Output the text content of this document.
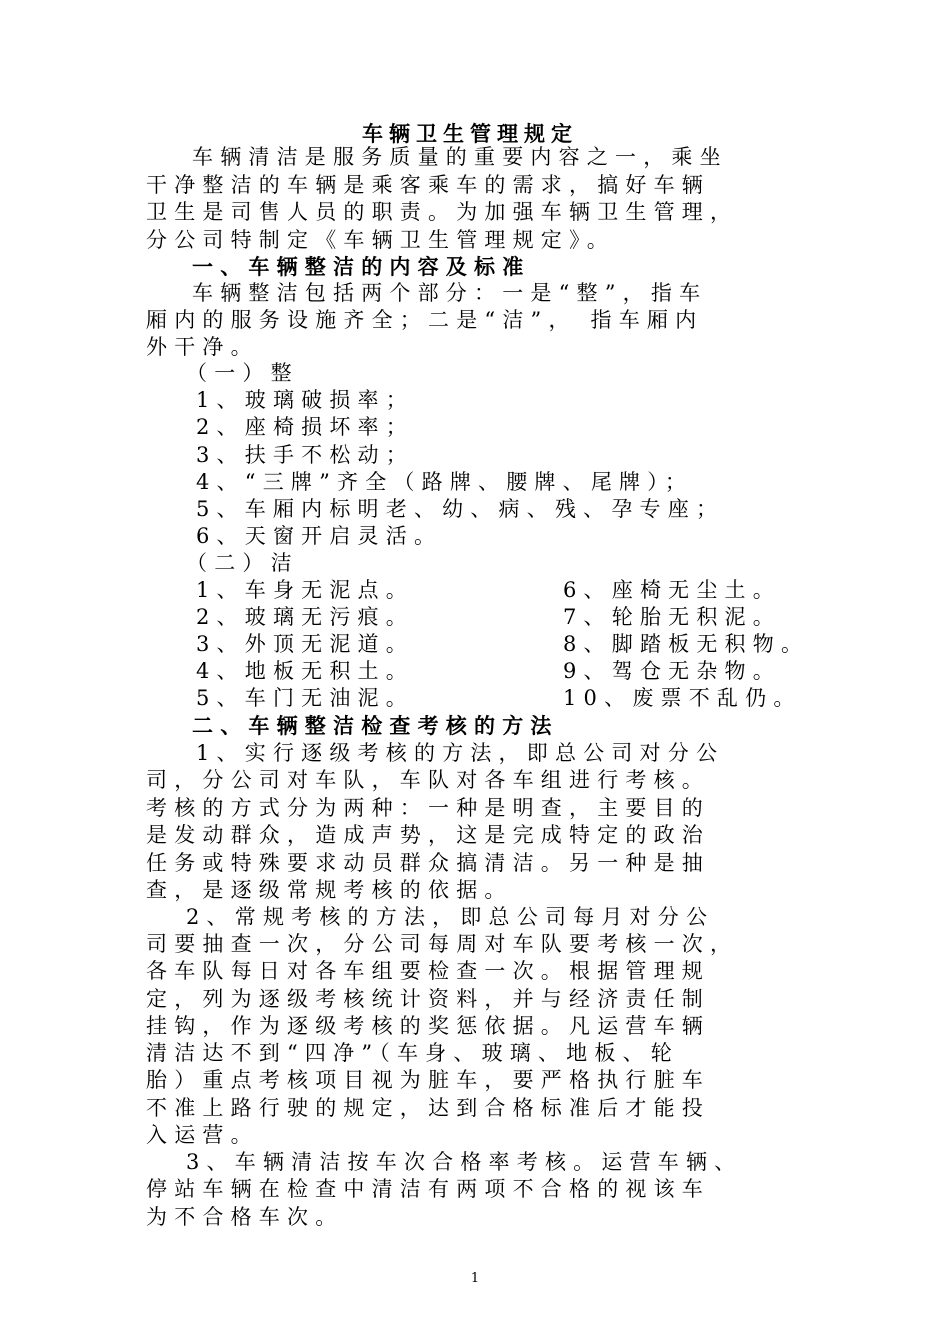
车辆卫生管理规定
车辆清洁是服务质量的重要内容之一，乘坐
干净整洁的车辆是乘客乘车的需求，搞好车辆
卫生是司售人员的职责。为加强车辆卫生管理，
分公司特制定《车辆卫生管理规定》。
一、车辆整洁的内容及标准
车辆整洁包括两个部分：一是“整”，指车
厢内的服务设施齐全；二是“洁”， 指车厢内
外干净。
（一）整
1、玻璃破损率；
2、座椅损坏率；
3、扶手不松动；
4、“三牌”齐全（路牌、腰牌、尾牌）；
5、车厢内标明老、幼、病、残、孕专座；
6、天窗开启灵活。
（二）洁
1、车身无泥点。
2、玻璃无污痕。
3、外顶无泥道。
4、地板无积土。
5、车门无油泥。
6、座椅无尘土。
7、轮胎无积泥。
8、脚踏板无积物。
9、驾仓无杂物。
10、废票不乱仍。
二、车辆整洁检查考核的方法
1、实行逐级考核的方法，即总公司对分公
司，分公司对车队，车队对各车组进行考核。
考核的方式分为两种：一种是明查，主要目的
是发动群众，造成声势，这是完成特定的政治
任务或特殊要求动员群众搞清洁。另一种是抽
查，是逐级常规考核的依据。
2、常规考核的方法，即总公司每月对分公
司要抽查一次，分公司每周对车队要考核一次，
各车队每日对各车组要检查一次。根据管理规
定，列为逐级考核统计资料，并与经济责任制
挂钩，作为逐级考核的奖惩依据。凡运营车辆
清洁达不到“四净”（车身、玻璃、地板、轮
胎）重点考核项目视为脏车，要严格执行脏车
不准上路行驶的规定，达到合格标准后才能投
入运营。
3、车辆清洁按车次合格率考核。运营车辆、
停站车辆在检查中清洁有两项不合格的视该车
为不合格车次。
1
